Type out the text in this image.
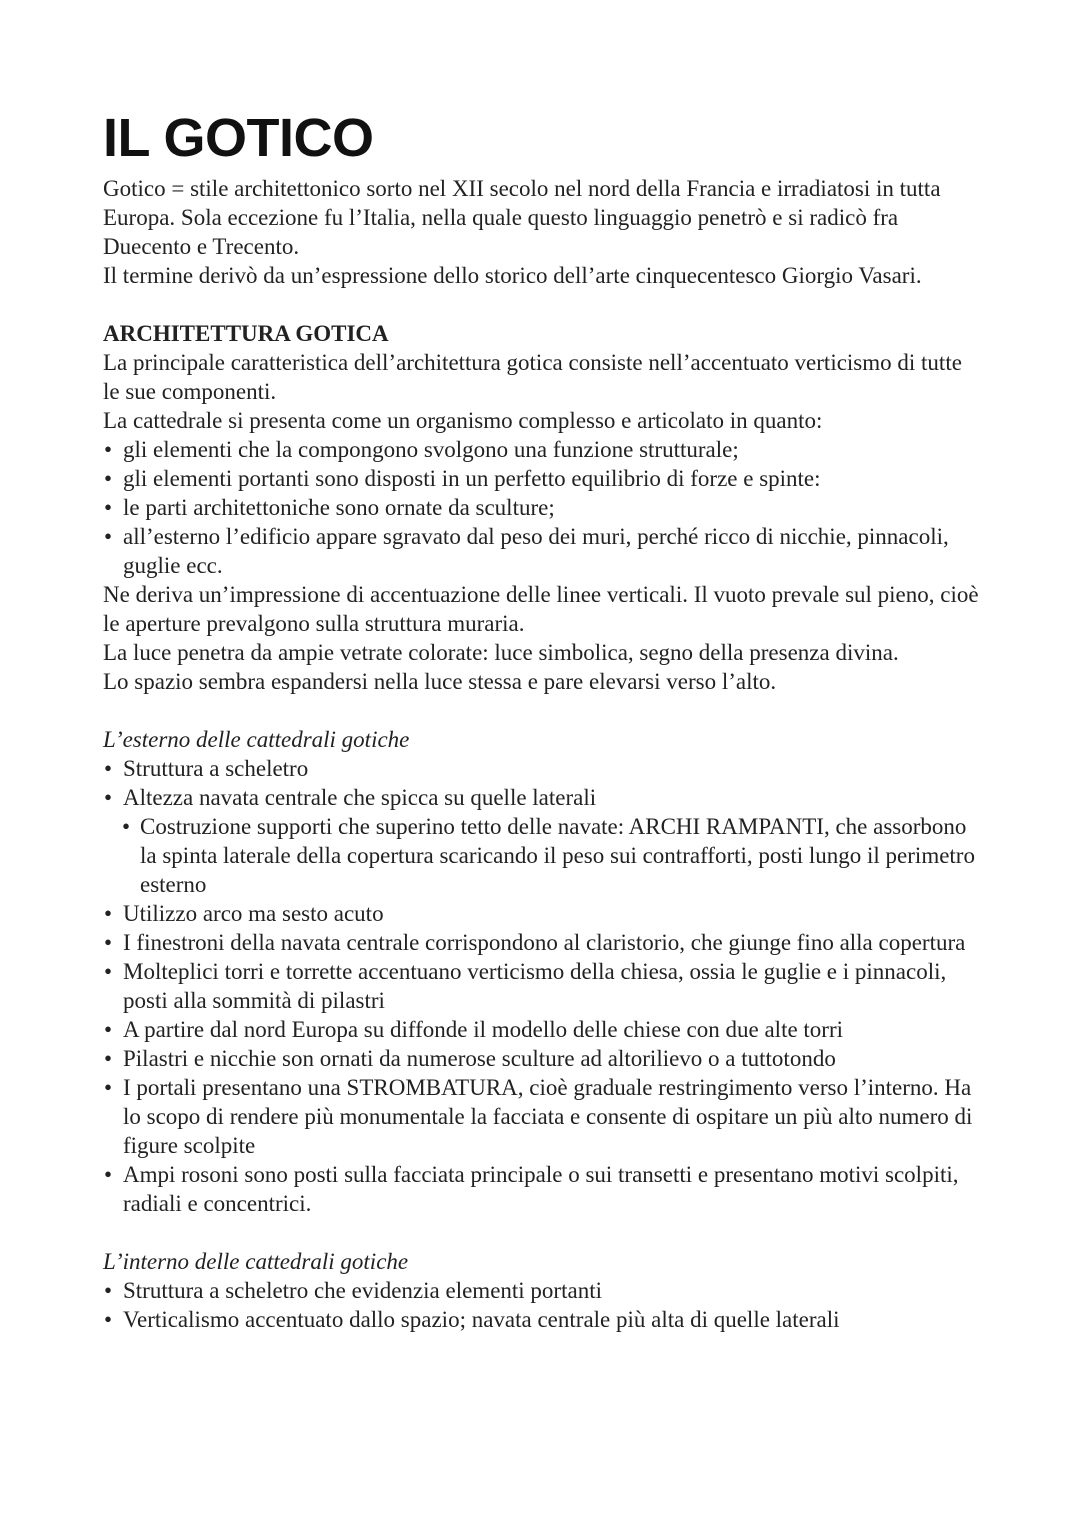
IL GOTICO

Gotico = stile architettonico sorto nel XII secolo nel nord della Francia e irradiatosi in tutta Europa. Sola eccezione fu l’Italia, nella quale questo linguaggio penetrò e si radicò fra Duecento e Trecento.

Il termine derivò da un’espressione dello storico dell’arte cinquecentesco Giorgio Vasari.

ARCHITETTURA GOTICA

La principale caratteristica dell’architettura gotica consiste nell’accentuato verticismo di tutte le sue componenti.

La cattedrale si presenta come un organismo complesso e articolato in quanto:

• gli elementi che la compongono svolgono una funzione strutturale;
• gli elementi portanti sono disposti in un perfetto equilibrio di forze e spinte:
• le parti architettoniche sono ornate da sculture;
• all’esterno l’edificio appare sgravato dal peso dei muri, perché ricco di nicchie, pinnacoli, guglie ecc.

Ne deriva un’impressione di accentuazione delle linee verticali. Il vuoto prevale sul pieno, cioè le aperture prevalgono sulla struttura muraria.

La luce penetra da ampie vetrate colorate: luce simbolica, segno della presenza divina.

Lo spazio sembra espandersi nella luce stessa e pare elevarsi verso l’alto.

L’esterno delle cattedrali gotiche

• Struttura a scheletro
• Altezza navata centrale che spicca su quelle laterali
• Costruzione supporti che superino tetto delle navate: ARCHI RAMPANTI, che assorbono la spinta laterale della copertura scaricando il peso sui contrafforti, posti lungo il perimetro esterno
• Utilizzo arco ma sesto acuto
• I finestroni della navata centrale corrispondono al claristorio, che giunge fino alla copertura
• Molteplici torri e torrette accentuano verticismo della chiesa, ossia le guglie e i pinnacoli, posti alla sommità di pilastri
• A partire dal nord Europa su diffonde il modello delle chiese con due alte torri
• Pilastri e nicchie son ornati da numerose sculture ad altorilievo o a tuttotondo
• I portali presentano una STROMBATURA, cioè graduale restringimento verso l’interno. Ha lo scopo di rendere più monumentale la facciata e consente di ospitare un più alto numero di figure scolpite
• Ampi rosoni sono posti sulla facciata principale o sui transetti e presentano motivi scolpiti, radiali e concentrici.

L’interno delle cattedrali gotiche

• Struttura a scheletro che evidenzia elementi portanti
• Verticalismo accentuato dallo spazio; navata centrale più alta di quelle laterali
